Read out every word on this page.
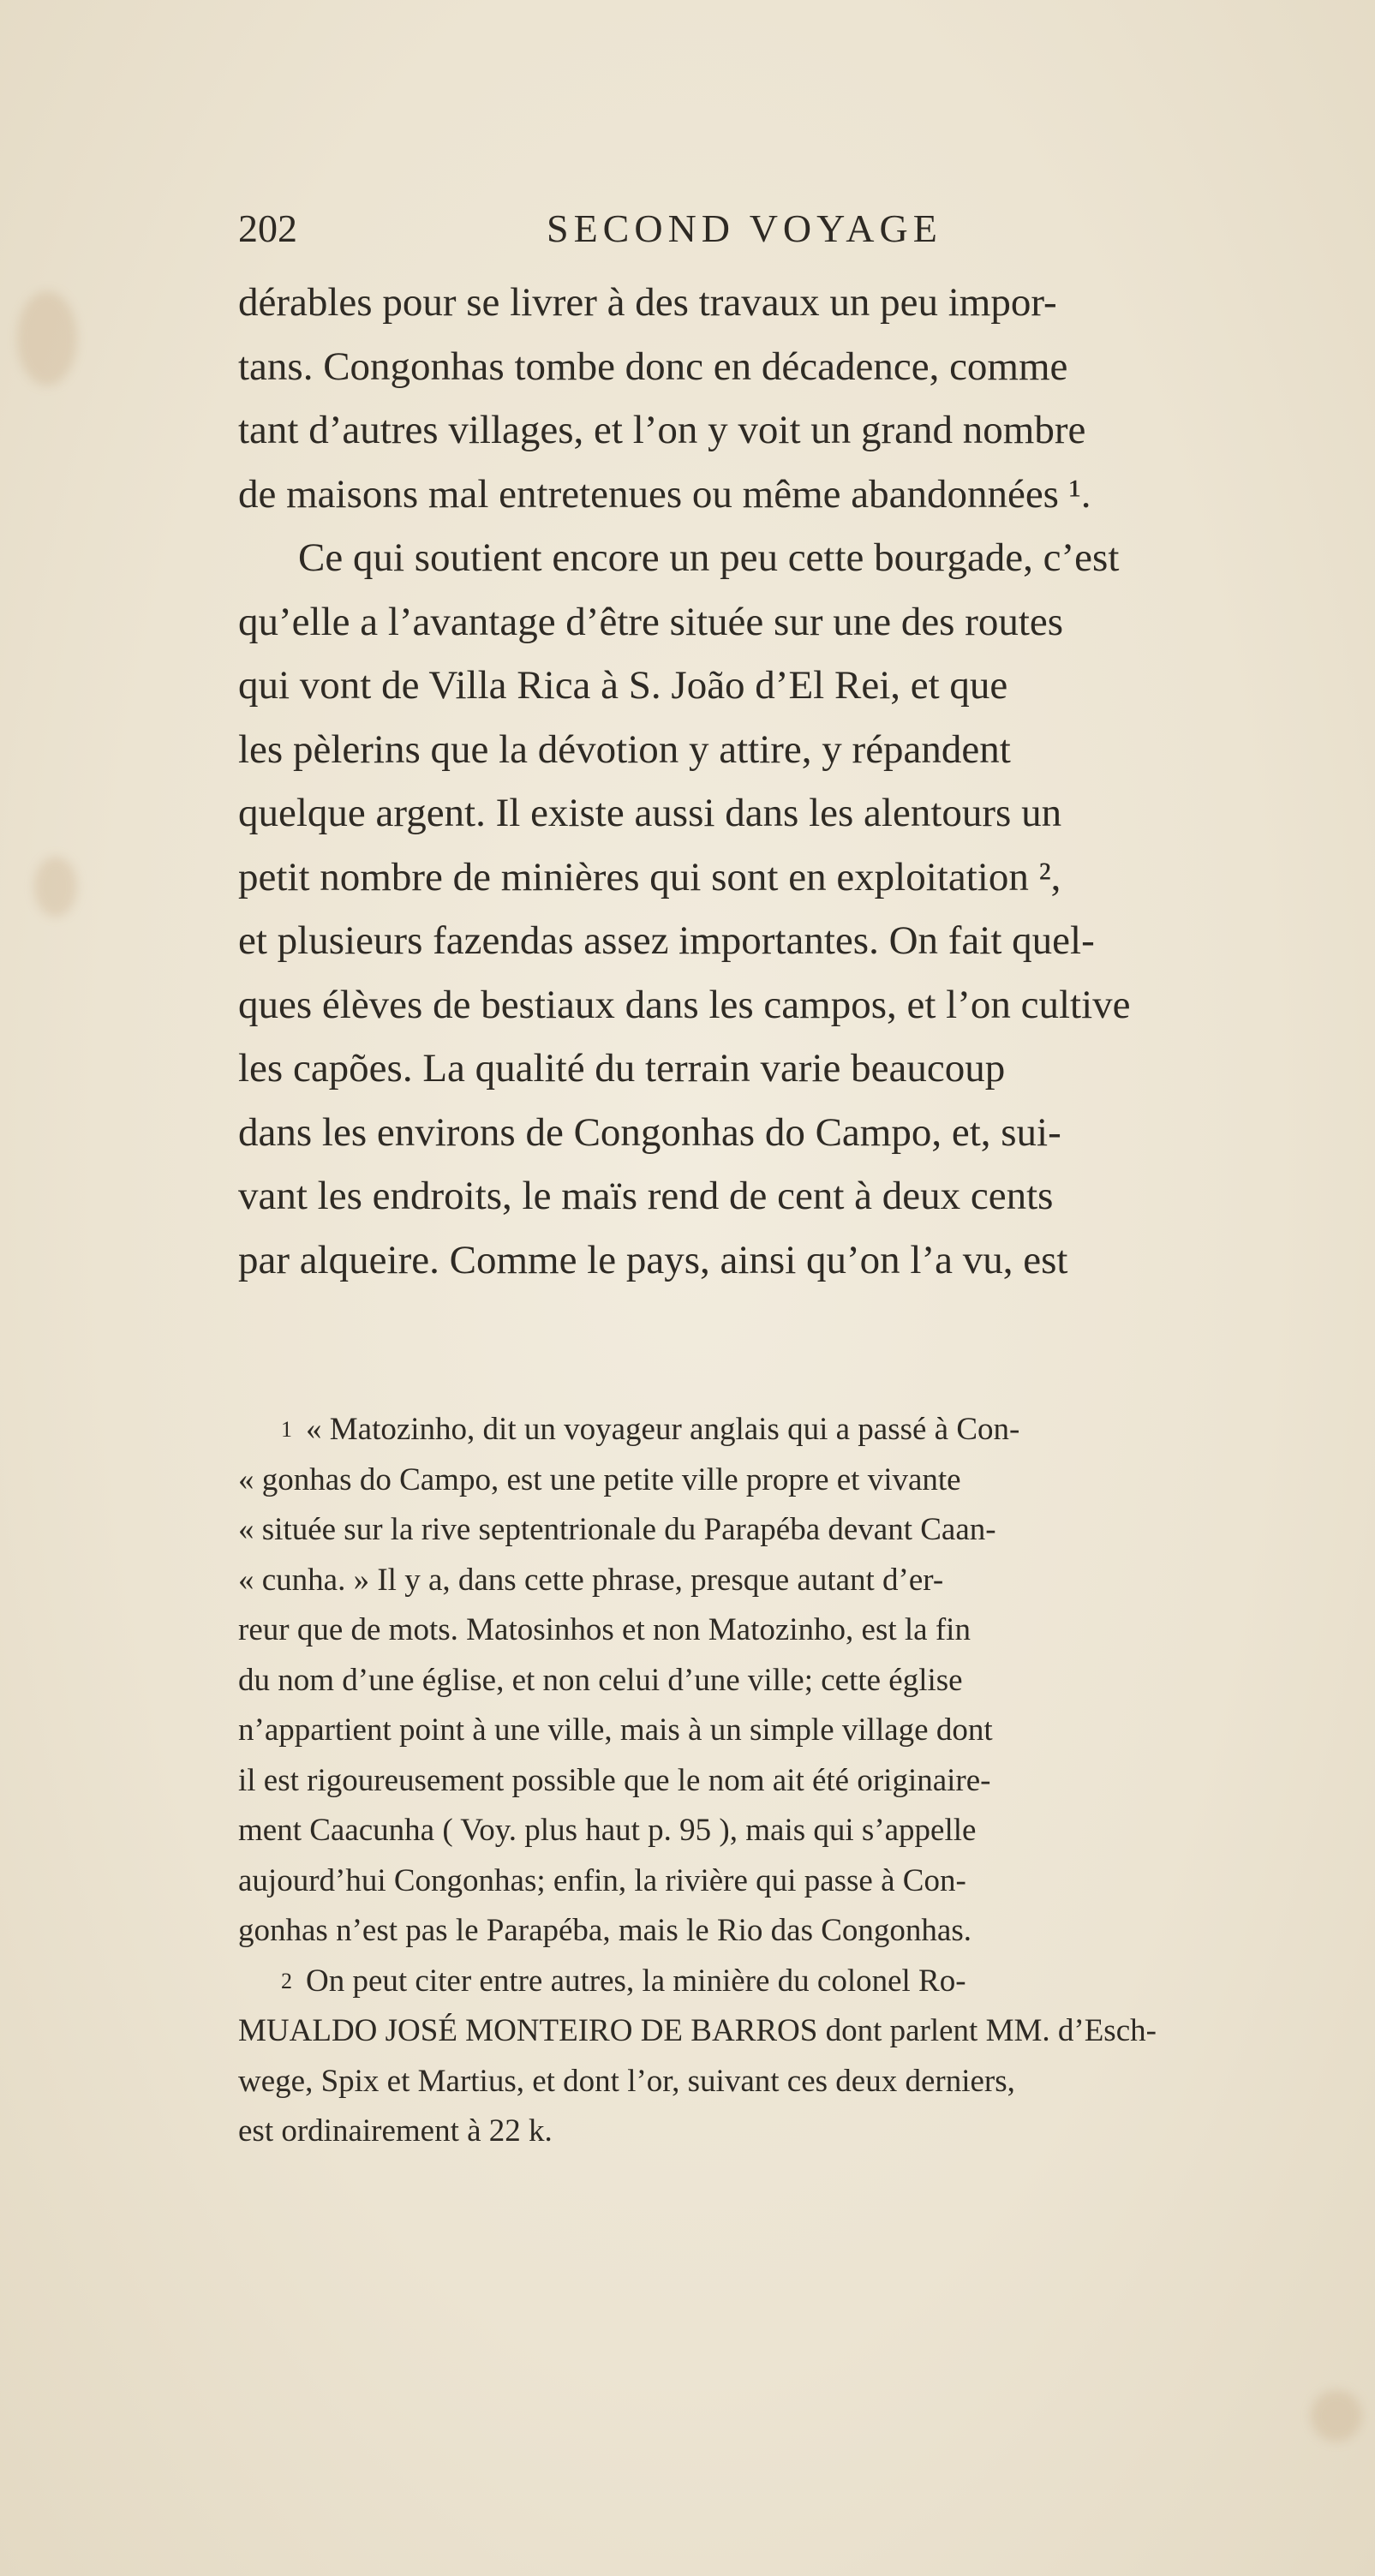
202	SECOND VOYAGE
dérables pour se livrer à des travaux un peu impor-
tans. Congonhas tombe donc en décadence, comme
tant d’autres villages, et l’on y voit un grand nombre
de maisons mal entretenues ou même abandonnées ¹.
Ce qui soutient encore un peu cette bourgade, c’est
qu’elle a l’avantage d’être située sur une des routes
qui vont de Villa Rica à S. João d’El Rei, et que
les pèlerins que la dévotion y attire, y répandent
quelque argent. Il existe aussi dans les alentours un
petit nombre de minières qui sont en exploitation ²,
et plusieurs fazendas assez importantes. On fait quel-
ques élèves de bestiaux dans les campos, et l’on cultive
les capões. La qualité du terrain varie beaucoup
dans les environs de Congonhas do Campo, et, sui-
vant les endroits, le maïs rend de cent à deux cents
par alqueire. Comme le pays, ainsi qu’on l’a vu, est
$^1$ « Matozinho, dit un voyageur anglais qui a passé à Con-
« gonhas do Campo, est une petite ville propre et vivante
« située sur la rive septentrionale du Parapéba devant Caan-
« cunha. » Il y a, dans cette phrase, presque autant d’er-
reur que de mots. Matosinhos et non Matozinho, est la fin
du nom d’une église, et non celui d’une ville; cette église
n’appartient point à une ville, mais à un simple village dont
il est rigoureusement possible que le nom ait été originaire-
ment Caacunha ( Voy. plus haut p. 95 ), mais qui s’appelle
aujourd’hui Congonhas; enfin, la rivière qui passe à Con-
gonhas n’est pas le Parapéba, mais le Rio das Congonhas.
$^2$ On peut citer entre autres, la minière du colonel Ro-
MUALDO JOSÉ MONTEIRO DE BARROS dont parlent MM. d’Esch-
wege, Spix et Martius, et dont l’or, suivant ces deux derniers,
est ordinairement à 22 k.
